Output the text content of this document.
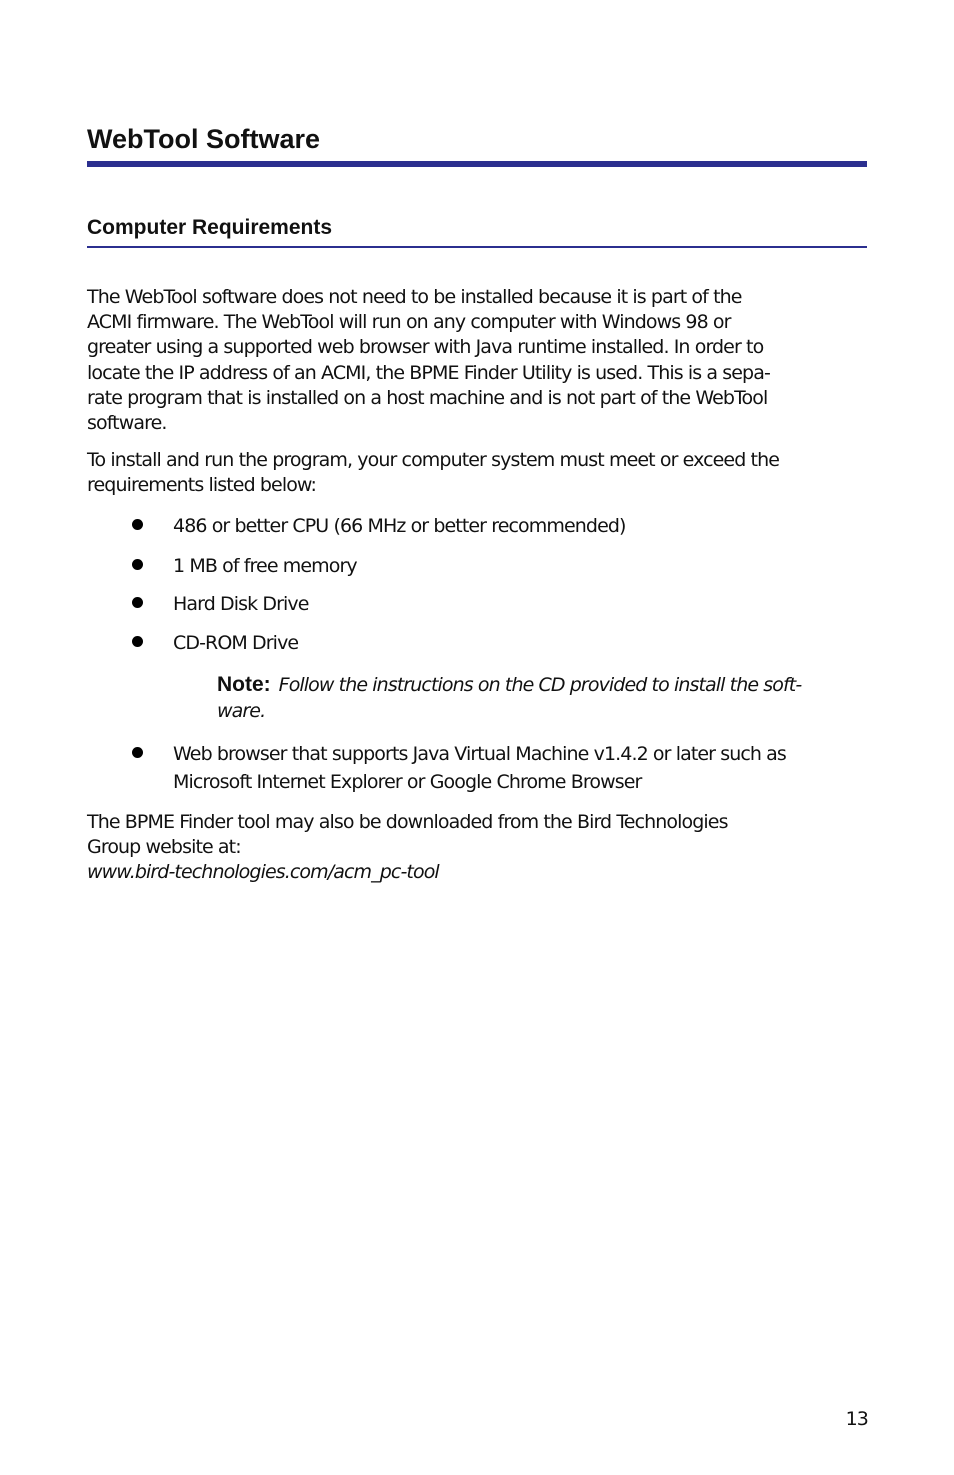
WebTool Software
Computer Requirements

The WebTool software does not need to be installed because it is part of the
ACMI firmware. The WebTool will run on any computer with Windows 98 or
greater using a supported web browser with Java runtime installed. In order to
locate the IP address of an ACMI, the BPME Finder Utility is used. This is a sepa-
rate program that is installed on a host machine and is not part of the WebTool
software.

To install and run the program, your computer system must meet or exceed the
requirements listed below:

486 or better CPU (66 MHz or better recommended)
1 MB of free memory
Hard Disk Drive
CD-ROM Drive
Web browser that supports Java Virtual Machine v1.4.2 or later such as
Microsoft Internet Explorer or Google Chrome Browser
Note: Follow the instructions on the CD provided to install the soft-
ware.

The BPME Finder tool may also be downloaded from the Bird Technologies
Group website at:
www.bird-technologies.com/acm_pc-tool

13
